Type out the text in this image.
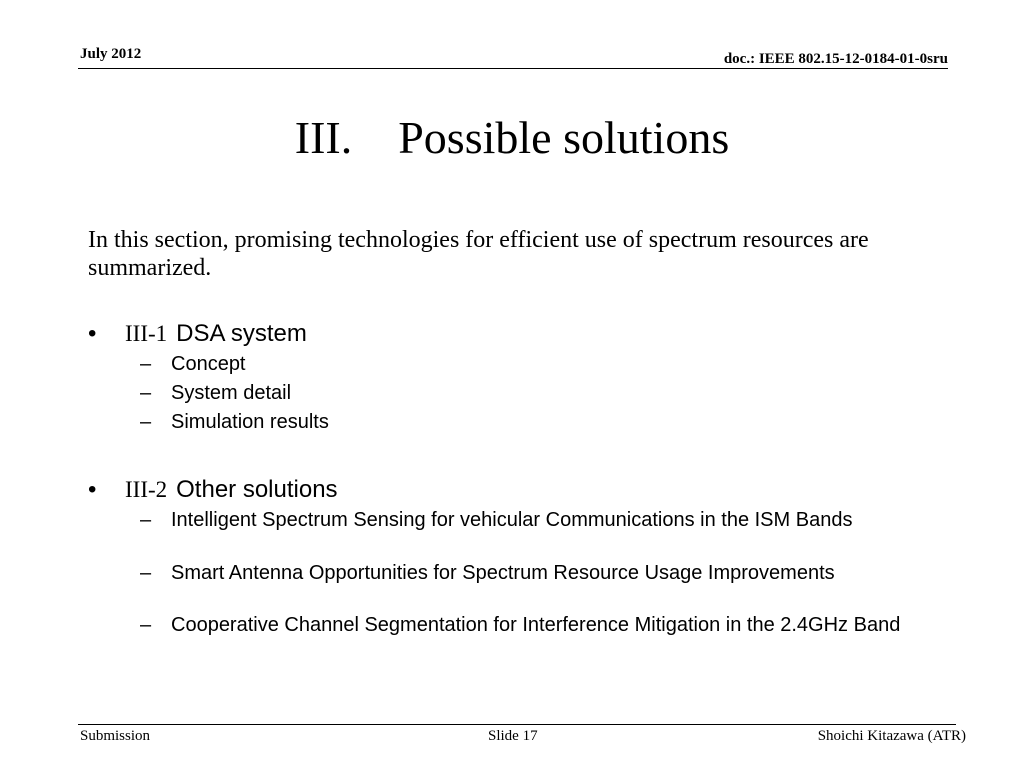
July 2012	doc.: IEEE 802.15-12-0184-01-0sru
III. Possible solutions
In this section, promising technologies for efficient use of spectrum resources are summarized.
• III-1 DSA system
– Concept
– System detail
– Simulation results
• III-2 Other solutions
– Intelligent Spectrum Sensing for vehicular Communications in the ISM Bands
– Smart Antenna Opportunities for Spectrum Resource Usage Improvements
– Cooperative Channel Segmentation for Interference Mitigation in the 2.4GHz Band
Submission	Slide 17	Shoichi Kitazawa (ATR)
